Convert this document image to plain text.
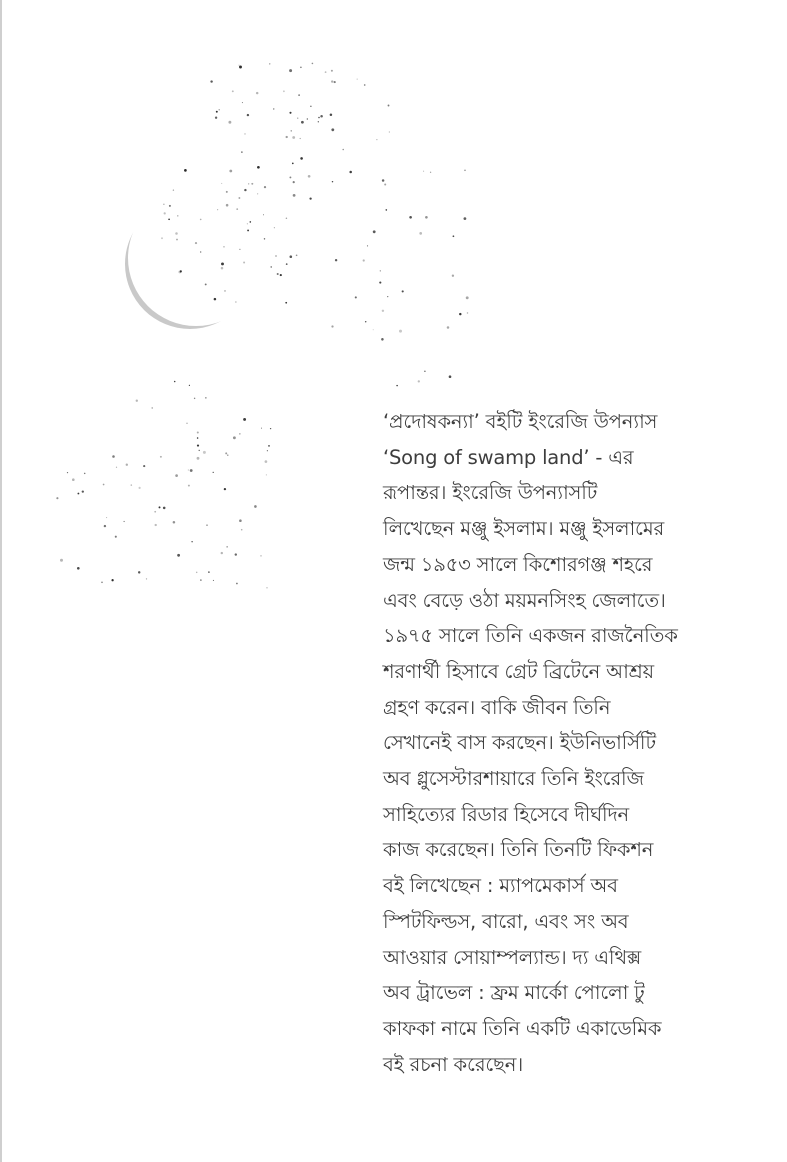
‘প্রদোষকন্যা’ বইটি ইংরেজি উপন্যাস
‘Song of swamp land’ - এর
রূপান্তর। ইংরেজি উপন্যাসটি
লিখেছেন মঞ্জু ইসলাম। মঞ্জু ইসলামের
জন্ম ১৯৫৩ সালে কিশোরগঞ্জ শহরে
এবং বেড়ে ওঠা ময়মনসিংহ জেলাতে।
১৯৭৫ সালে তিনি একজন রাজনৈতিক
শরণার্থী হিসাবে গ্রেট ব্রিটেনে আশ্রয়
গ্রহণ করেন। বাকি জীবন তিনি
সেখানেই বাস করছেন। ইউনিভার্সিটি
অব গ্লুসেস্টারশায়ারে তিনি ইংরেজি
সাহিত্যের রিডার হিসেবে দীর্ঘদিন
কাজ করেছেন। তিনি তিনটি ফিকশন
বই লিখেছেন : ম্যাপমেকার্স অব
স্পিটফিল্ডস, বারো, এবং সং অব
আওয়ার সোয়াম্পল্যান্ড। দ্য এথিক্স
অব ট্রাভেল : ফ্রম মার্কো পোলো টু
কাফকা নামে তিনি একটি একাডেমিক
বই রচনা করেছেন।
